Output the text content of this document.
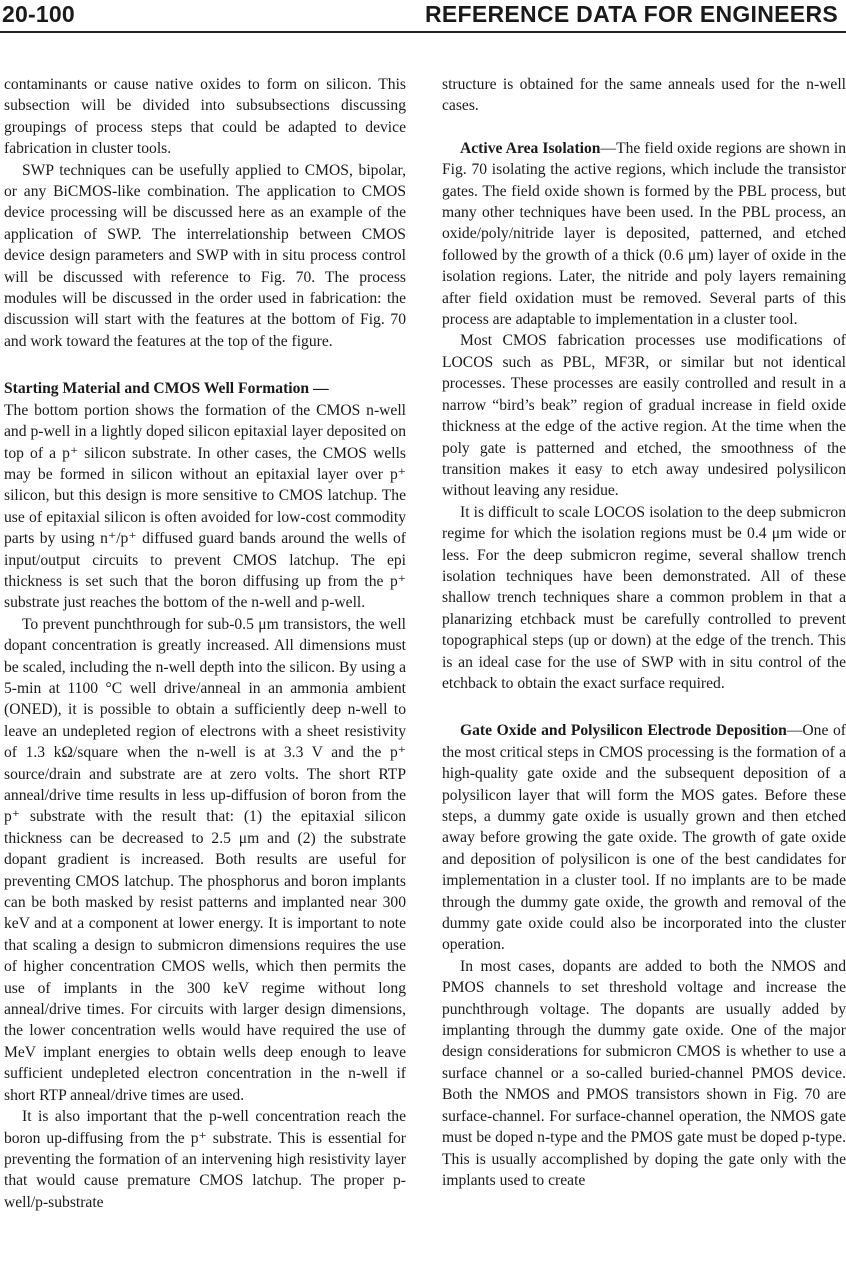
20-100	REFERENCE DATA FOR ENGINEERS

contaminants or cause native oxides to form on silicon. This subsection will be divided into subsubsections discussing groupings of process steps that could be adapted to device fabrication in cluster tools.

SWP techniques can be usefully applied to CMOS, bipolar, or any BiCMOS-like combination. The application to CMOS device processing will be discussed here as an example of the application of SWP. The interrelationship between CMOS device design parameters and SWP with in situ process control will be discussed with reference to Fig. 70. The process modules will be discussed in the order used in fabrication: the discussion will start with the features at the bottom of Fig. 70 and work toward the features at the top of the figure.

Starting Material and CMOS Well Formation —

The bottom portion shows the formation of the CMOS n-well and p-well in a lightly doped silicon epitaxial layer deposited on top of a p⁺ silicon substrate. In other cases, the CMOS wells may be formed in silicon without an epitaxial layer over p⁺ silicon, but this design is more sensitive to CMOS latchup. The use of epitaxial silicon is often avoided for low-cost commodity parts by using n⁺/p⁺ diffused guard bands around the wells of input/output circuits to prevent CMOS latchup. The epi thickness is set such that the boron diffusing up from the p⁺ substrate just reaches the bottom of the n-well and p-well.

To prevent punchthrough for sub-0.5 μm transistors, the well dopant concentration is greatly increased. All dimensions must be scaled, including the n-well depth into the silicon. By using a 5-min at 1100 °C well drive/anneal in an ammonia ambient (ONED), it is possible to obtain a sufficiently deep n-well to leave an undepleted region of electrons with a sheet resistivity of 1.3 kΩ/square when the n-well is at 3.3 V and the p⁺ source/drain and substrate are at zero volts. The short RTP anneal/drive time results in less up-diffusion of boron from the p⁺ substrate with the result that: (1) the epitaxial silicon thickness can be decreased to 2.5 μm and (2) the substrate dopant gradient is increased. Both results are useful for preventing CMOS latchup. The phosphorus and boron implants can be both masked by resist patterns and implanted near 300 keV and at a component at lower energy. It is important to note that scaling a design to submicron dimensions requires the use of higher concentration CMOS wells, which then permits the use of implants in the 300 keV regime without long anneal/drive times. For circuits with larger design dimensions, the lower concentration wells would have required the use of MeV implant energies to obtain wells deep enough to leave sufficient undepleted electron concentration in the n-well if short RTP anneal/drive times are used.

It is also important that the p-well concentration reach the boron up-diffusing from the p⁺ substrate. This is essential for preventing the formation of an intervening high resistivity layer that would cause premature CMOS latchup. The proper p-well/p-substrate

structure is obtained for the same anneals used for the n-well cases.

Active Area Isolation—The field oxide regions are shown in Fig. 70 isolating the active regions, which include the transistor gates. The field oxide shown is formed by the PBL process, but many other techniques have been used. In the PBL process, an oxide/poly/nitride layer is deposited, patterned, and etched followed by the growth of a thick (0.6 μm) layer of oxide in the isolation regions. Later, the nitride and poly layers remaining after field oxidation must be removed. Several parts of this process are adaptable to implementation in a cluster tool.

Most CMOS fabrication processes use modifications of LOCOS such as PBL, MF3R, or similar but not identical processes. These processes are easily controlled and result in a narrow “bird’s beak” region of gradual increase in field oxide thickness at the edge of the active region. At the time when the poly gate is patterned and etched, the smoothness of the transition makes it easy to etch away undesired polysilicon without leaving any residue.

It is difficult to scale LOCOS isolation to the deep submicron regime for which the isolation regions must be 0.4 μm wide or less. For the deep submicron regime, several shallow trench isolation techniques have been demonstrated. All of these shallow trench techniques share a common problem in that a planarizing etchback must be carefully controlled to prevent topographical steps (up or down) at the edge of the trench. This is an ideal case for the use of SWP with in situ control of the etchback to obtain the exact surface required.

Gate Oxide and Polysilicon Electrode Deposition—One of the most critical steps in CMOS processing is the formation of a high-quality gate oxide and the subsequent deposition of a polysilicon layer that will form the MOS gates. Before these steps, a dummy gate oxide is usually grown and then etched away before growing the gate oxide. The growth of gate oxide and deposition of polysilicon is one of the best candidates for implementation in a cluster tool. If no implants are to be made through the dummy gate oxide, the growth and removal of the dummy gate oxide could also be incorporated into the cluster operation.

In most cases, dopants are added to both the NMOS and PMOS channels to set threshold voltage and increase the punchthrough voltage. The dopants are usually added by implanting through the dummy gate oxide. One of the major design considerations for submicron CMOS is whether to use a surface channel or a so-called buried-channel PMOS device. Both the NMOS and PMOS transistors shown in Fig. 70 are surface-channel. For surface-channel operation, the NMOS gate must be doped n-type and the PMOS gate must be doped p-type. This is usually accomplished by doping the gate only with the implants used to create
